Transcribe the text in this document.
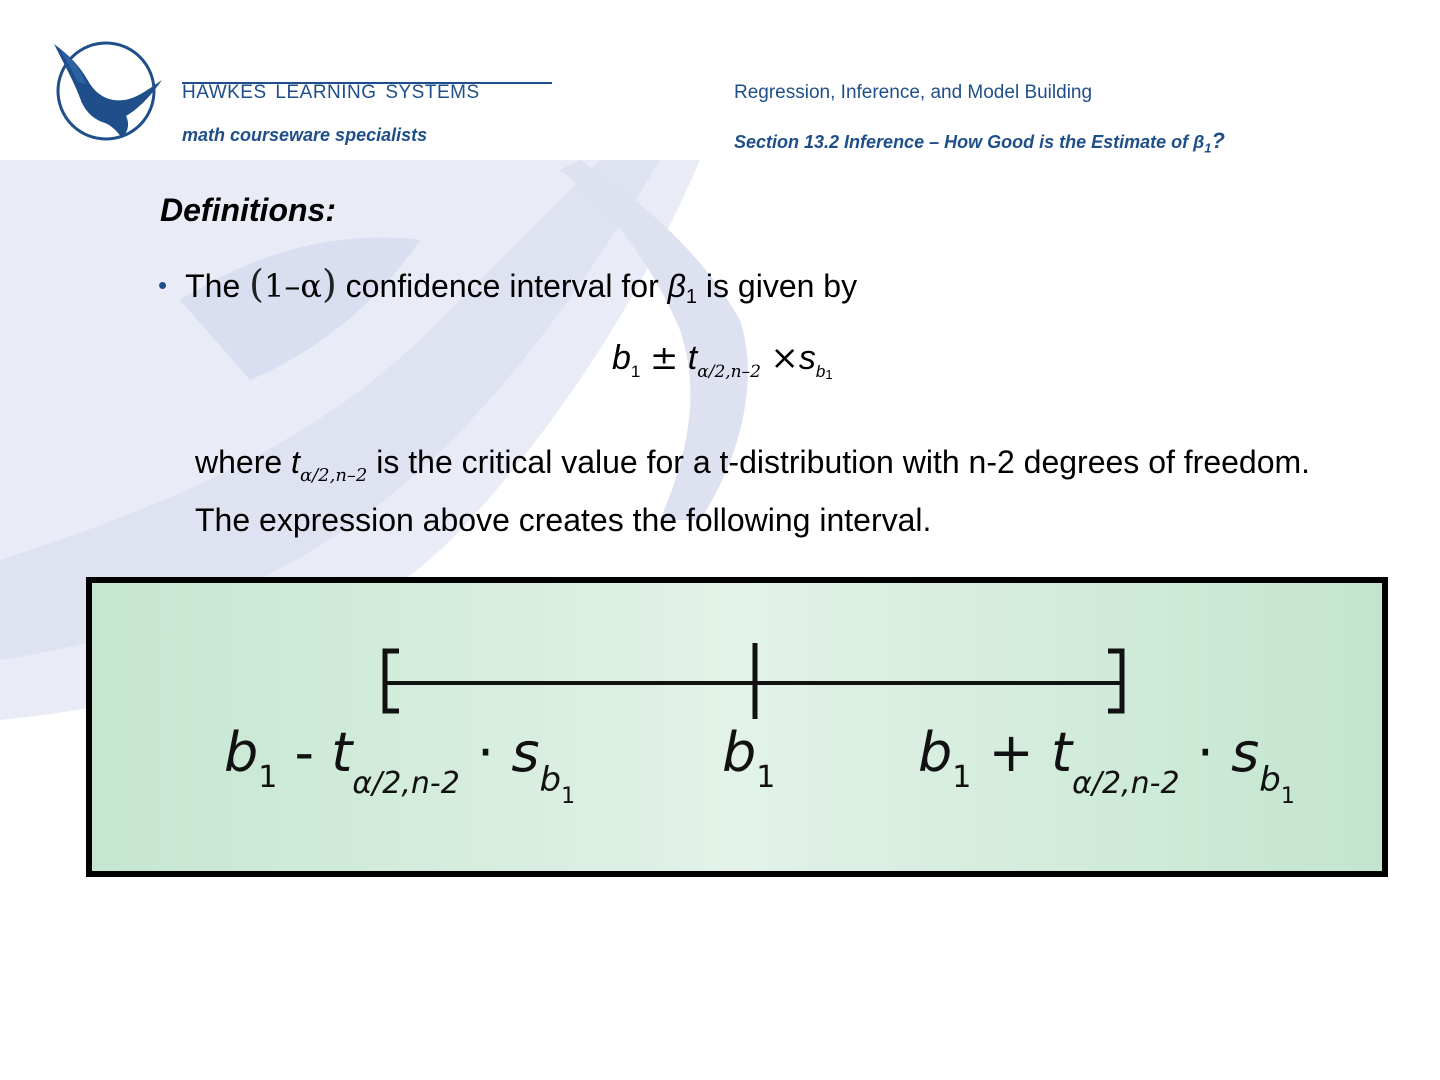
HAWKES LEARNING SYSTEMS
math courseware specialists
Regression, Inference, and Model Building
Section 13.2 Inference – How Good is the Estimate of $\beta_1$?
Definitions:
• The (1–α) confidence interval for β1 is given by
$b_1 \pm t_{\alpha/2,n-2} \times s_{b1}$
where $t_{\alpha/2,n-2}$ is the critical value for a t-distribution with n-2 degrees of freedom. The expression above creates the following interval.
$b_1 - t_{\alpha/2,n-2} \cdot s_{b1}$
$b_1$	$b_1 + t_{\alpha/2,n-2} \cdot s_{b1}$
